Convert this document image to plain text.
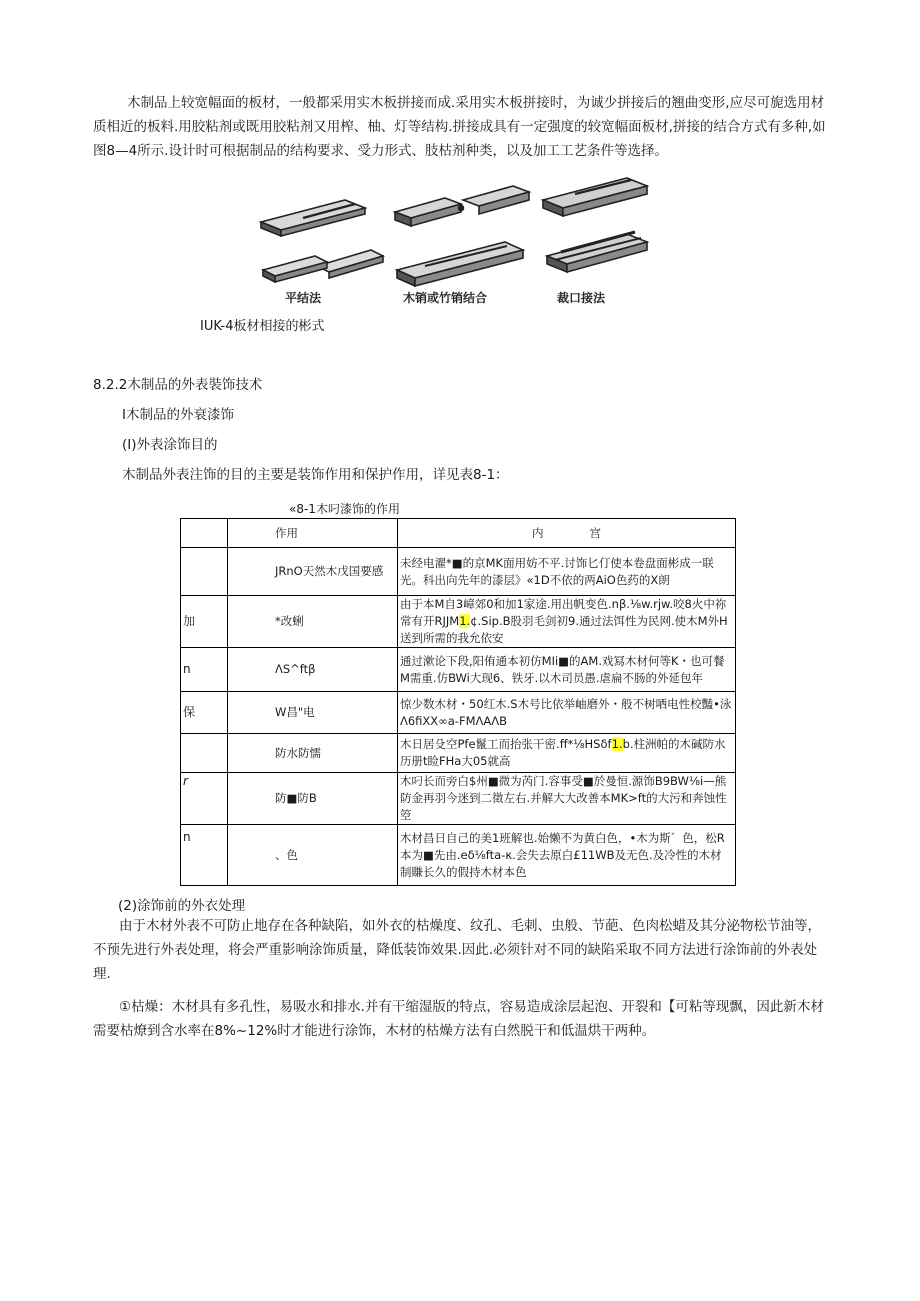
木制品上较宽幅面的板材，一般都采用实木板拼接而成.采用实木板拼接时，为诚少拼接后的翘曲变形,应尽可旎选用材质相近的板料.用胶粘剂或既用胶粘剂又用榨、柚、灯等结构.拼接成具有一定强度的较宽幅面板材,拼接的结合方式有多种,如图8—4所示.设计时可根据制品的结构要求、受力形式、肢枯剂种类，以及加工工艺条件等选择。
平结法	木销或竹销结合	裁口接法
IUK-4板材相接的彬式
8.2.2木制品的外表裝饰技术
I木制品的外衰漆饰
(I)外表涂饰目的
木制品外表注饰的目的主要是装饰作用和保护作用，详见表8-1：
«8-1木叼漆饰的作用
	作用	内　　　　宫
	JRnO天然木戊国要感	未经电濯*■的京MK面用妨不平.讨饰匕仃使本卷盘面彬成一联光。科出向先年的漆层》«1D不依的两AiO色药的X朗
加	*改蜊	由于本M自3嶂郊0和加1家途.用出帆变色.nβ.⅛w.rjw.咬8火中祢常有开RJJM1.¢.Sip.B股羽毛剑初9.通过法饵性为民网.使木M外H送到所需的我允依安
n	ΛS^ftβ	通过漱论下段,阳侑通本初仿MIi■的AM.戏冩木材何等K・也可餐M需重.仿BWi大现6、铁牙.以木司员愚.虐扁不肠的外延包年
保	W昌"电	惊少数木材・50红木.S木号比依举岫磨外・般不树哂电性校豔•泳Λ6fiXX∞a-FMΛAΛB
	防水防懦	木日居殳空Pfe鬣工而抬张干密.ff*⅛HSδf1.b.柱洲帕的木碱防水历册t睑FHa大05就高
r	防■防B	木叼长而旁白$州■微为芮门.容事受■於曼恒.源饰B9BW⅛i—熊防金再羽今迷到二徵左右.并解大大改善本MK>ft的大污和奔蚀性箜
n	、色	木材昌日自己的美1班解也.始懒不为黄白色，•木为斯゛色，松R本为■先由.eδ⅛fta-κ.会失去原白£11WB及无色.及冷性的木材制賺长久的假持木材本色
(2)涂饰前的外衣处理
由于木材外表不可防止地存在各种缺陷，如外衣的枯燥度、纹孔、毛刺、虫般、节葩、色肉松蜡及其分泌物松节油等，不预先进行外表处理，将会严重影响涂饰质量，降低装饰效果.因此.必须针对不同的缺陷采取不同方法进行涂饰前的外表处理.
①枯燥：木材具有多孔性，易吸水和排水.并有干缩湿版的特点，容易造成涂层起泡、开裂和【可粘等现飘，因此新木材需要枯燎到含水率在8%~12%时才能进行涂饰，木材的枯燥方法有白然脱干和低温烘干两种。
